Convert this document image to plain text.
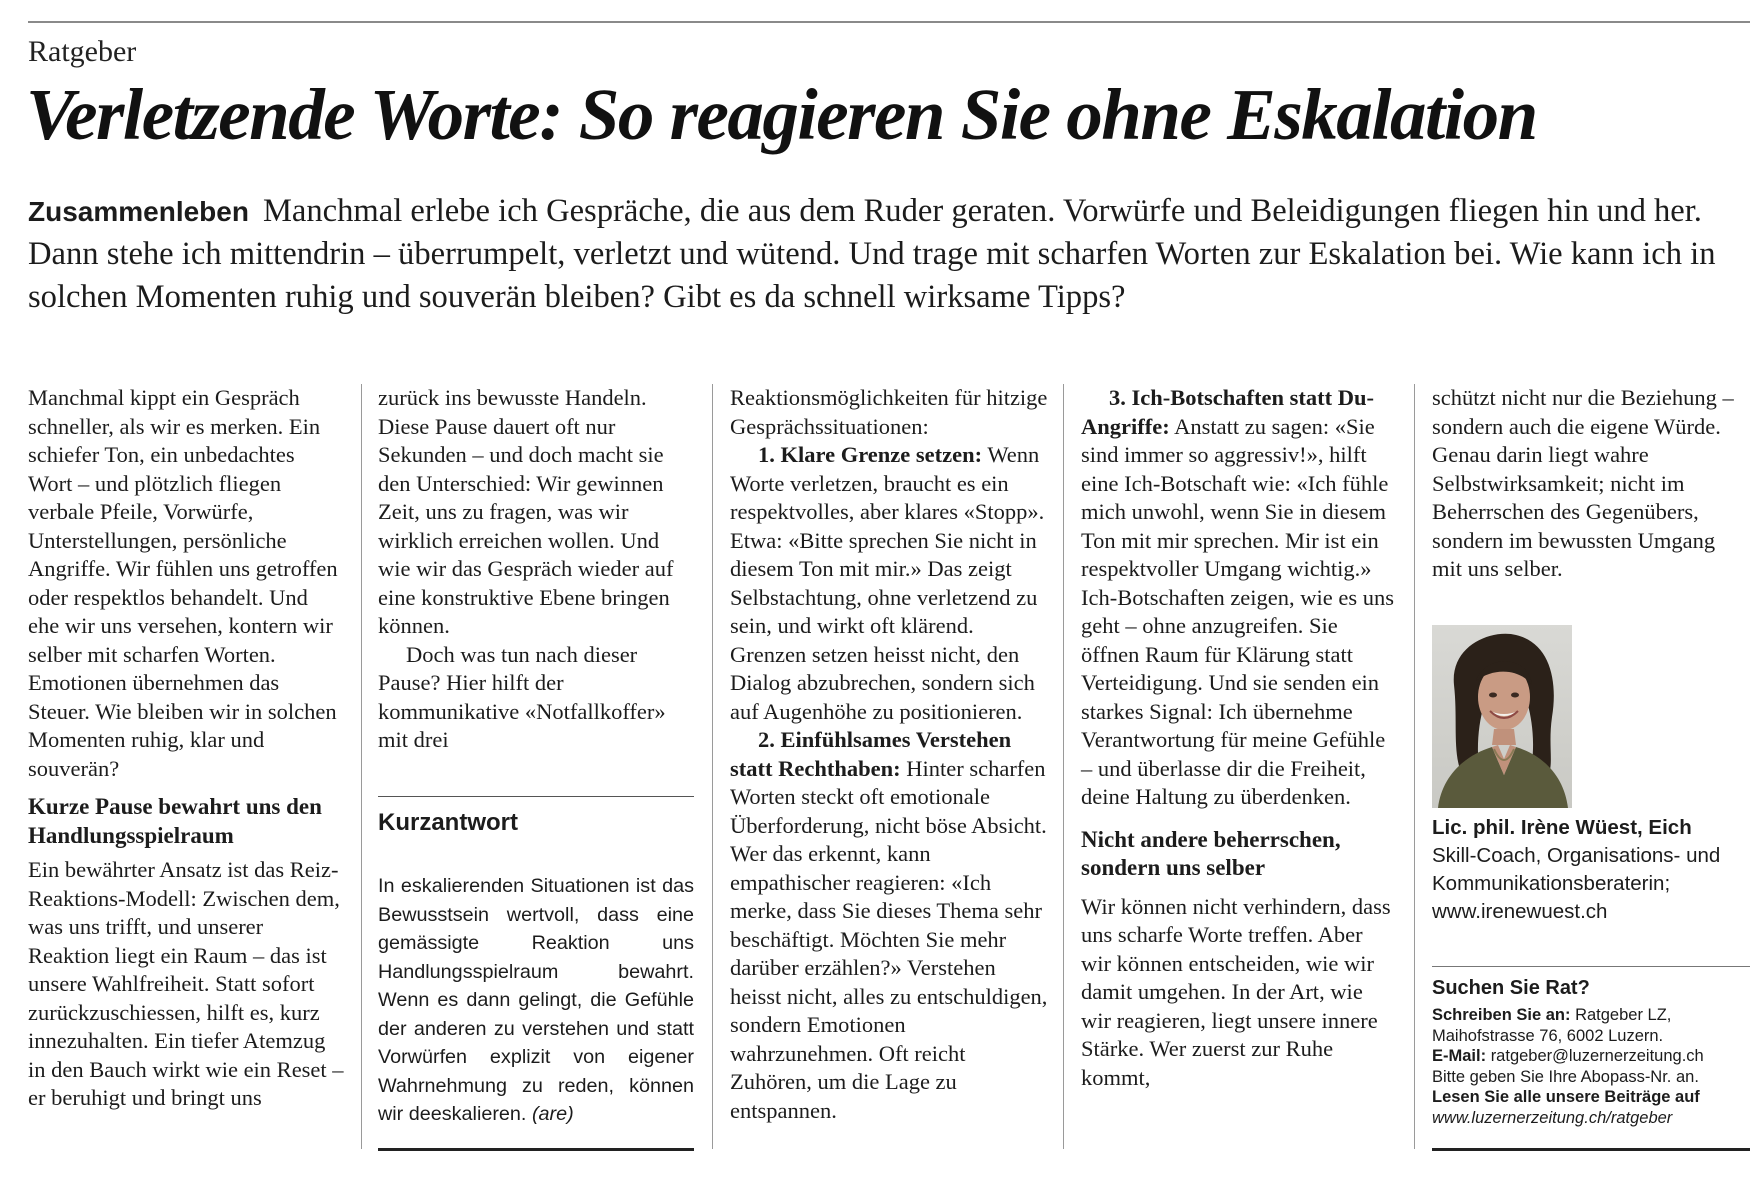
Ratgeber
Verletzende Worte: So reagieren Sie ohne Eskalation

Zusammenleben Manchmal erlebe ich Gespräche, die aus dem Ruder geraten. Vorwürfe und Beleidigungen fliegen hin und her. Dann stehe ich mittendrin – überrumpelt, verletzt und wütend. Und trage mit scharfen Worten zur Eskalation bei. Wie kann ich in solchen Momenten ruhig und souverän bleiben? Gibt es da schnell wirksame Tipps?

Manchmal kippt ein Gespräch schneller, als wir es merken. Ein schiefer Ton, ein unbedachtes Wort – und plötzlich fliegen verbale Pfeile, Vorwürfe, Unterstellungen, persönliche Angriffe. Wir fühlen uns getroffen oder respektlos behandelt. Und ehe wir uns versehen, kontern wir selber mit scharfen Worten. Emotionen übernehmen das Steuer. Wie bleiben wir in solchen Momenten ruhig, klar und souverän?

Kurze Pause bewahrt uns den Handlungsspielraum

Ein bewährter Ansatz ist das Reiz-Reaktions-Modell: Zwischen dem, was uns trifft, und unserer Reaktion liegt ein Raum – das ist unsere Wahlfreiheit. Statt sofort zurückzuschiessen, hilft es, kurz innezuhalten. Ein tiefer Atemzug in den Bauch wirkt wie ein Reset – er beruhigt und bringt uns

zurück ins bewusste Handeln. Diese Pause dauert oft nur Sekunden – und doch macht sie den Unterschied: Wir gewinnen Zeit, uns zu fragen, was wir wirklich erreichen wollen. Und wie wir das Gespräch wieder auf eine konstruktive Ebene bringen können.

Doch was tun nach dieser Pause? Hier hilft der kommunikative «Notfallkoffer» mit drei

Kurzantwort

In eskalierenden Situationen ist das Bewusstsein wertvoll, dass eine gemässigte Reaktion uns Handlungsspielraum bewahrt. Wenn es dann gelingt, die Gefühle der anderen zu verstehen und statt Vorwürfen explizit von eigener Wahrnehmung zu reden, können wir deeskalieren. (are)

Reaktionsmöglichkeiten für hitzige Gesprächssituationen:

1. Klare Grenze setzen: Wenn Worte verletzen, braucht es ein respektvolles, aber klares «Stopp». Etwa: «Bitte sprechen Sie nicht in diesem Ton mit mir.» Das zeigt Selbstachtung, ohne verletzend zu sein, und wirkt oft klärend. Grenzen setzen heisst nicht, den Dialog abzubrechen, sondern sich auf Augenhöhe zu positionieren.

2. Einfühlsames Verstehen statt Rechthaben: Hinter scharfen Worten steckt oft emotionale Überforderung, nicht böse Absicht. Wer das erkennt, kann empathischer reagieren: «Ich merke, dass Sie dieses Thema sehr beschäftigt. Möchten Sie mehr darüber erzählen?» Verstehen heisst nicht, alles zu entschuldigen, sondern Emotionen wahrzunehmen. Oft reicht Zuhören, um die Lage zu entspannen.

3. Ich-Botschaften statt Du-Angriffe: Anstatt zu sagen: «Sie sind immer so aggressiv!», hilft eine Ich-Botschaft wie: «Ich fühle mich unwohl, wenn Sie in diesem Ton mit mir sprechen. Mir ist ein respektvoller Umgang wichtig.» Ich-Botschaften zeigen, wie es uns geht – ohne anzugreifen. Sie öffnen Raum für Klärung statt Verteidigung. Und sie senden ein starkes Signal: Ich übernehme Verantwortung für meine Gefühle – und überlasse dir die Freiheit, deine Haltung zu überdenken.

Nicht andere beherrschen, sondern uns selber

Wir können nicht verhindern, dass uns scharfe Worte treffen. Aber wir können entscheiden, wie wir damit umgehen. In der Art, wie wir reagieren, liegt unsere innere Stärke. Wer zuerst zur Ruhe kommt,

schützt nicht nur die Beziehung – sondern auch die eigene Würde. Genau darin liegt wahre Selbstwirksamkeit; nicht im Beherrschen des Gegenübers, sondern im bewussten Umgang mit uns selber.

Lic. phil. Irène Wüest, Eich
Skill-Coach, Organisations- und Kommunikationsberaterin;
www.irenewuest.ch
Suchen Sie Rat?
Schreiben Sie an: Ratgeber LZ,
Maihofstrasse 76, 6002 Luzern.
E-Mail: ratgeber@luzernerzeitung.ch
Bitte geben Sie Ihre Abopass-Nr. an.
Lesen Sie alle unsere Beiträge auf
www.luzernerzeitung.ch/ratgeber
